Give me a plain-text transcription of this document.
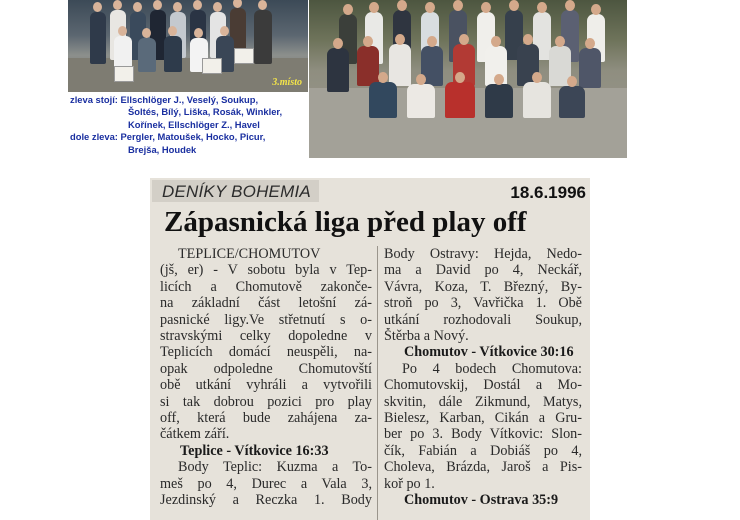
3.místo
zleva stojí: Ellschlöger J., Veselý, Soukup,
Šoltés, Bílý, Liška, Rosák, Winkler,
Kořínek, Ellschlöger Z., Havel
dole zleva: Pergler, Matoušek, Hocko, Picur,
Brejša, Houdek
DENÍKY BOHEMIA	18.6.1996
Zápasnická liga před play off
TEPLICE/CHOMUTOV
(jš, er) - V sobotu byla v Tep-
licích a Chomutově zakonče-
na základní část letošní zá-
pasnické ligy.Ve střetnutí s o-
stravskými celky dopoledne v
Teplicích domácí neuspěli, na-
opak odpoledne Chomutovští
obě utkání vyhráli a vytvořili
si tak dobrou pozici pro play
off, která bude zahájena za-
čátkem září.
Teplice - Vítkovice 16:33
Body Teplic: Kuzma a To-
meš po 4, Durec a Vala 3,
Jezdinský a Reczka 1. Body
Body Ostravy: Hejda, Nedo-
ma a David po 4, Neckář,
Vávra, Koza, T. Březný, By-
stroň po 3, Vavřička 1. Obě
utkání rozhodovali Soukup,
Štěrba a Nový.
Chomutov - Vítkovice 30:16
Po 4 bodech Chomutova:
Chomutovskij, Dostál a Mo-
skvitin, dále Zikmund, Matys,
Bielesz, Karban, Cikán a Gru-
ber po 3. Body Vítkovic: Slon-
čík, Fabián a Dobiáš po 4,
Choleva, Brázda, Jaroš a Pis-
koř po 1.
Chomutov - Ostrava 35:9
